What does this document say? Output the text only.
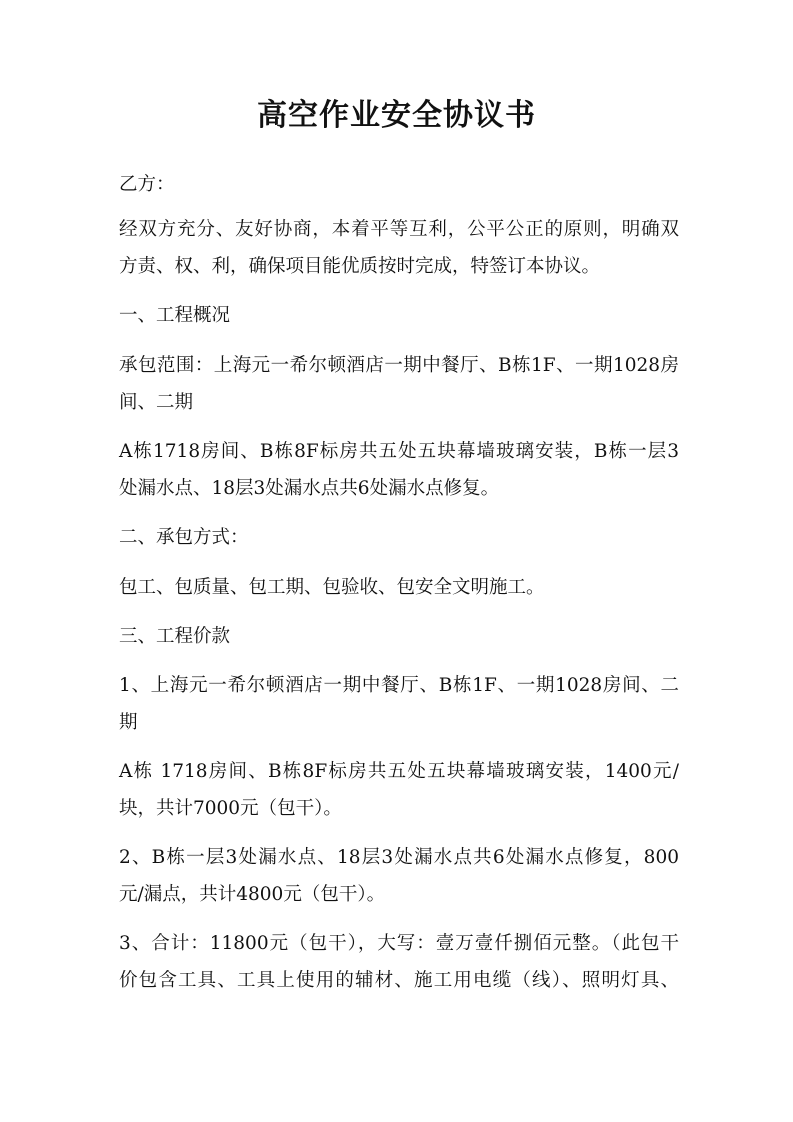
高空作业安全协议书

乙方：

经双方充分、友好协商，本着平等互利，公平公正的原则，明确双
方责、权、利，确保项目能优质按时完成，特签订本协议。

一、工程概况

承包范围：上海元一希尔顿酒店一期中餐厅、B栋1F、一期1028房
间、二期

A栋1718房间、B栋8F标房共五处五块幕墙玻璃安装，B栋一层3
处漏水点、18层3处漏水点共6处漏水点修复。

二、承包方式：

包工、包质量、包工期、包验收、包安全文明施工。

三、工程价款

1、上海元一希尔顿酒店一期中餐厅、B栋1F、一期1028房间、二
期

A栋 1718房间、B栋8F标房共五处五块幕墙玻璃安装，1400元/
块，共计7000元（包干）。

2、B栋一层3处漏水点、18层3处漏水点共6处漏水点修复，800
元/漏点，共计4800元（包干）。

3、合计：11800元（包干），大写：壹万壹仟捌佰元整。（此包干
价包含工具、工具上使用的辅材、施工用电缆（线）、照明灯具、
